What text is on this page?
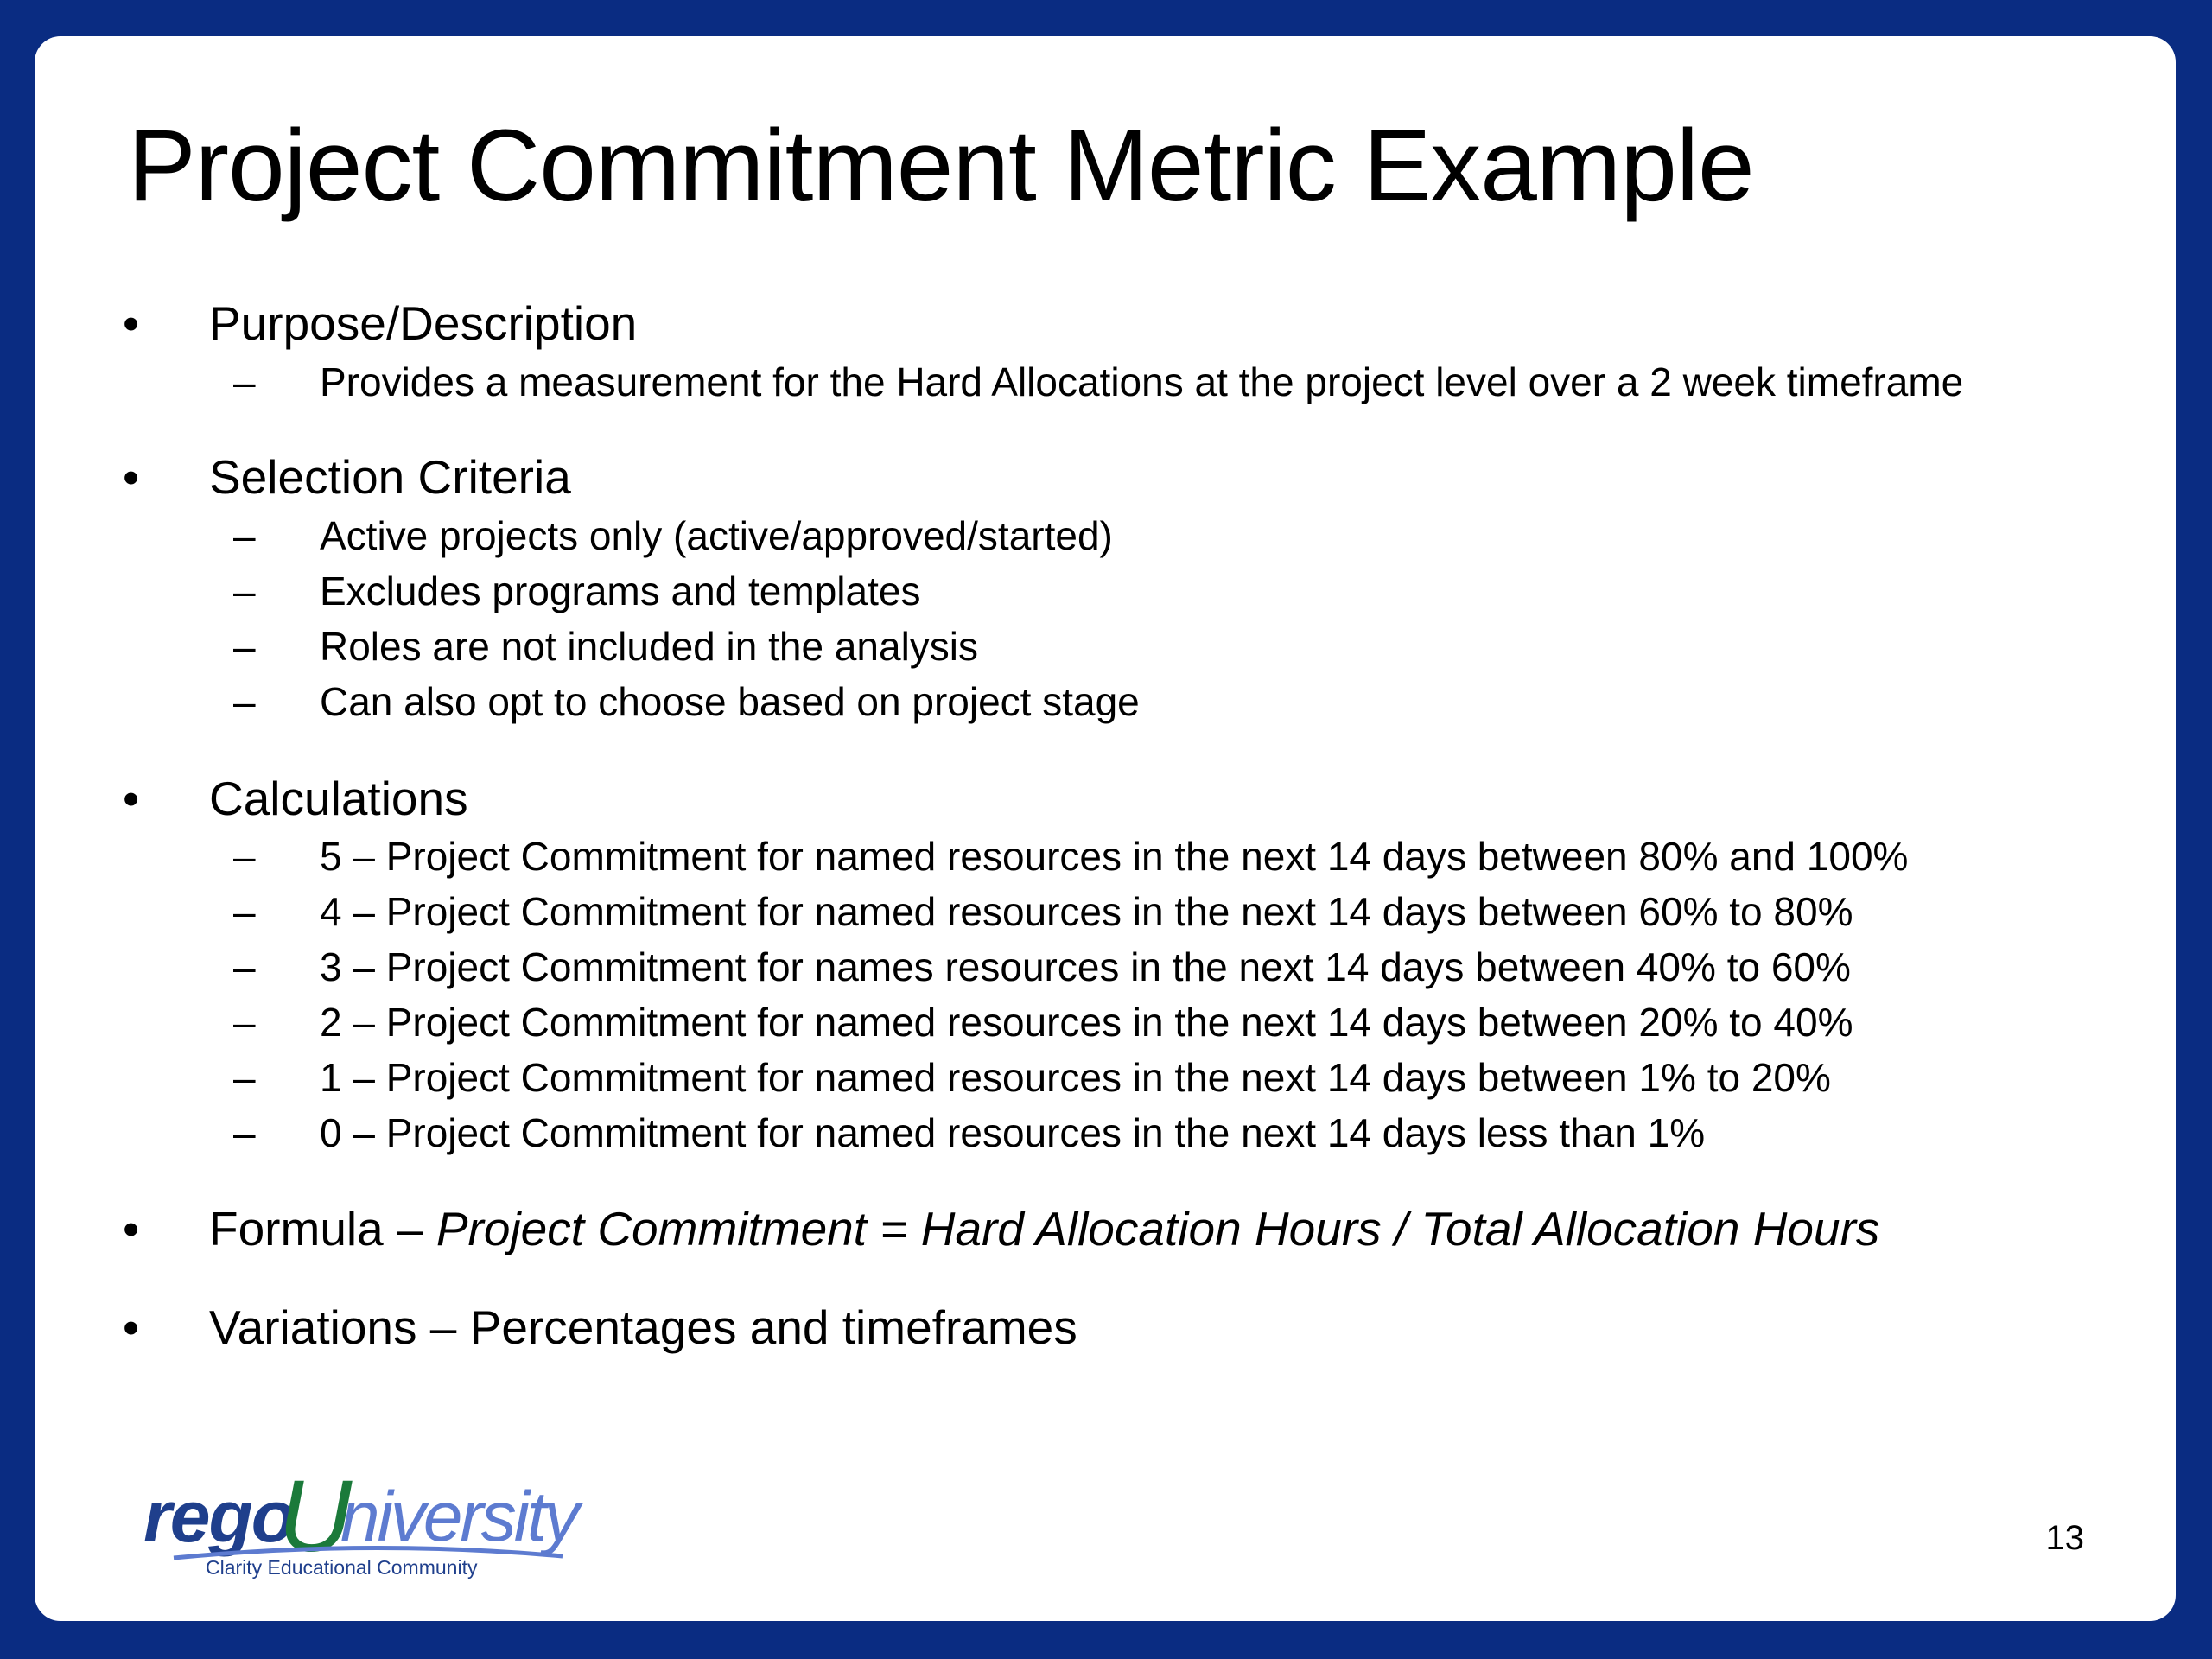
Project Commitment Metric Example
• Purpose/Description
– Provides a measurement for the Hard Allocations at the project level over a 2 week timeframe
• Selection Criteria
– Active projects only (active/approved/started)
– Excludes programs and templates
– Roles are not included in the analysis
– Can also opt to choose based on project stage
• Calculations
– 5 – Project Commitment for named resources in the next 14 days between 80% and 100%
– 4 – Project Commitment for named resources in the next 14 days between 60% to 80%
– 3 – Project Commitment for names resources in the next 14 days between 40% to 60%
– 2 – Project Commitment for named resources in the next 14 days between 20% to 40%
– 1 – Project Commitment for named resources in the next 14 days between 1% to 20%
– 0 – Project Commitment for named resources in the next 14 days less than 1%
• Formula – Project Commitment = Hard Allocation Hours / Total Allocation Hours
• Variations – Percentages and timeframes
rego
U
niversity
Clarity Educational Community
13
